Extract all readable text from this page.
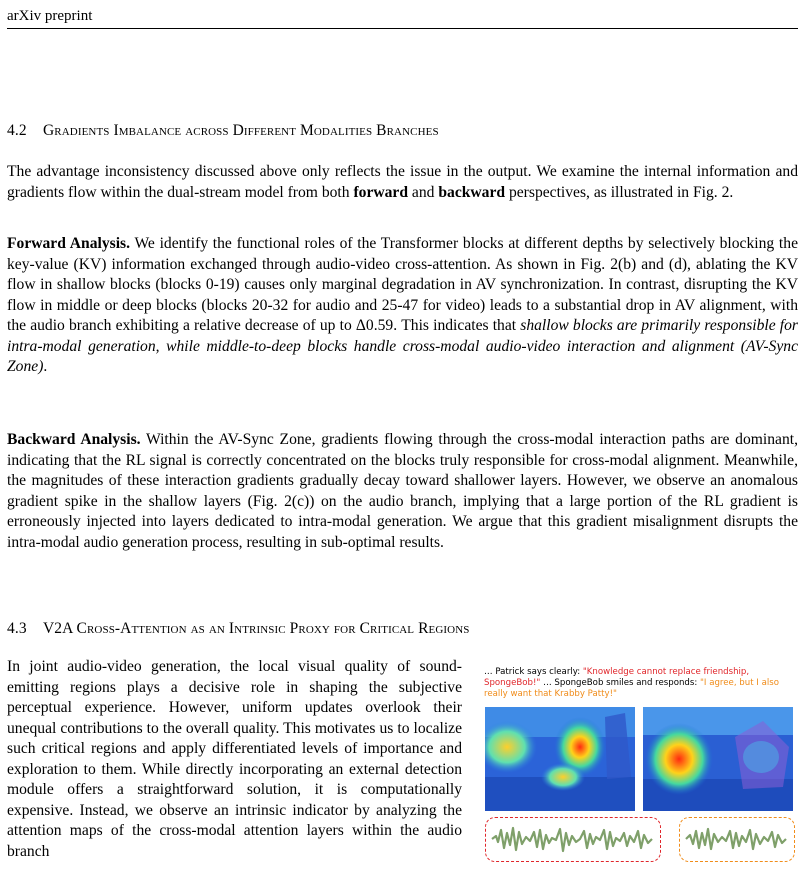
arXiv preprint
4.2 Gradients Imbalance across Different Modalities Branches
The advantage inconsistency discussed above only reflects the issue in the output. We examine the internal information and gradients flow within the dual-stream model from both forward and backward perspectives, as illustrated in Fig. 2.
Forward Analysis. We identify the functional roles of the Transformer blocks at different depths by selectively blocking the key-value (KV) information exchanged through audio-video cross-attention. As shown in Fig. 2(b) and (d), ablating the KV flow in shallow blocks (blocks 0-19) causes only marginal degradation in AV synchronization. In contrast, disrupting the KV flow in middle or deep blocks (blocks 20-32 for audio and 25-47 for video) leads to a substantial drop in AV alignment, with the audio branch exhibiting a relative decrease of up to Δ0.59. This indicates that shallow blocks are primarily responsible for intra-modal generation, while middle-to-deep blocks handle cross-modal audio-video interaction and alignment (AV-Sync Zone).
Backward Analysis. Within the AV-Sync Zone, gradients flowing through the cross-modal interaction paths are dominant, indicating that the RL signal is correctly concentrated on the blocks truly responsible for cross-modal alignment. Meanwhile, the magnitudes of these interaction gradients gradually decay toward shallower layers. However, we observe an anomalous gradient spike in the shallow layers (Fig. 2(c)) on the audio branch, implying that a large portion of the RL gradient is erroneously injected into layers dedicated to intra-modal generation. We argue that this gradient misalignment disrupts the intra-modal audio generation process, resulting in sub-optimal results.
4.3 V2A Cross-Attention as an Intrinsic Proxy for Critical Regions
In joint audio-video generation, the local visual quality of sound-emitting regions plays a decisive role in shaping the subjective perceptual experience. However, uniform updates overlook their unequal contributions to the overall quality. This motivates us to localize such critical regions and apply differentiated levels of importance and exploration to them. While directly incorporating an external detection module offers a straightforward solution, it is computationally expensive. Instead, we observe an intrinsic indicator by analyzing the attention maps of the cross-modal attention layers within the audio branch
… Patrick says clearly: "Knowledge cannot replace friendship, SpongeBob!" … SpongeBob smiles and responds: "I agree, but I also really want that Krabby Patty!"
